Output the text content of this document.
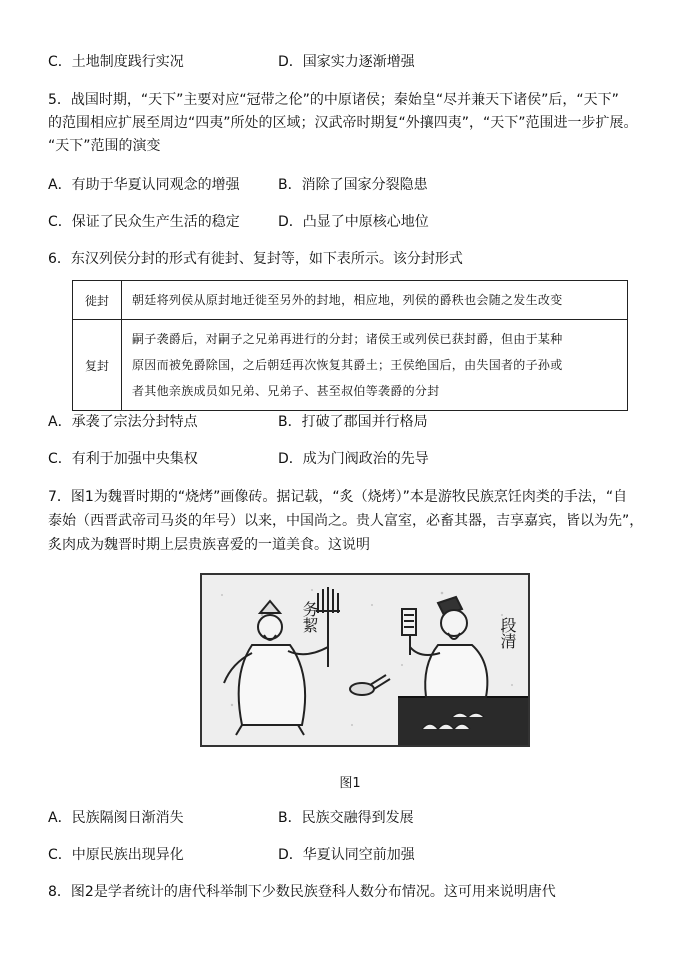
C．土地制度践行实况	D．国家实力逐渐增强
5．战国时期，“天下”主要对应“冠带之伦”的中原诸侯；秦始皇“尽并兼天下诸侯”后，“天下”
的范围相应扩展至周边“四夷”所处的区域；汉武帝时期复“外攘四夷”，“天下”范围进一步扩展。
“天下”范围的演变
A．有助于华夏认同观念的增强	B．消除了国家分裂隐患
C．保证了民众生产生活的稳定	D．凸显了中原核心地位
6．东汉列侯分封的形式有徙封、复封等，如下表所示。该分封形式
徙封	朝廷将列侯从原封地迁徙至另外的封地，相应地，列侯的爵秩也会随之发生改变
复封	嗣子袭爵后，对嗣子之兄弟再进行的分封；诸侯王或列侯已获封爵，但由于某种
原因而被免爵除国，之后朝廷再次恢复其爵土；王侯绝国后，由失国者的子孙或
者其他亲族成员如兄弟、兄弟子、甚至叔伯等袭爵的分封
A．承袭了宗法分封特点	B．打破了郡国并行格局
C．有利于加强中央集权	D．成为门阀政治的先导
7．图1为魏晋时期的“烧烤”画像砖。据记载，“炙（烧烤）”本是游牧民族烹饪肉类的手法，“自
泰始（西晋武帝司马炎的年号）以来，中国尚之。贵人富室，必畜其器，吉享嘉宾，皆以为先”，
炙肉成为魏晋时期上层贵族喜爱的一道美食。这说明
务絜	段清
图1
A．民族隔阂日渐消失	B．民族交融得到发展
C．中原民族出现异化	D．华夏认同空前加强
8．图2是学者统计的唐代科举制下少数民族登科人数分布情况。这可用来说明唐代
